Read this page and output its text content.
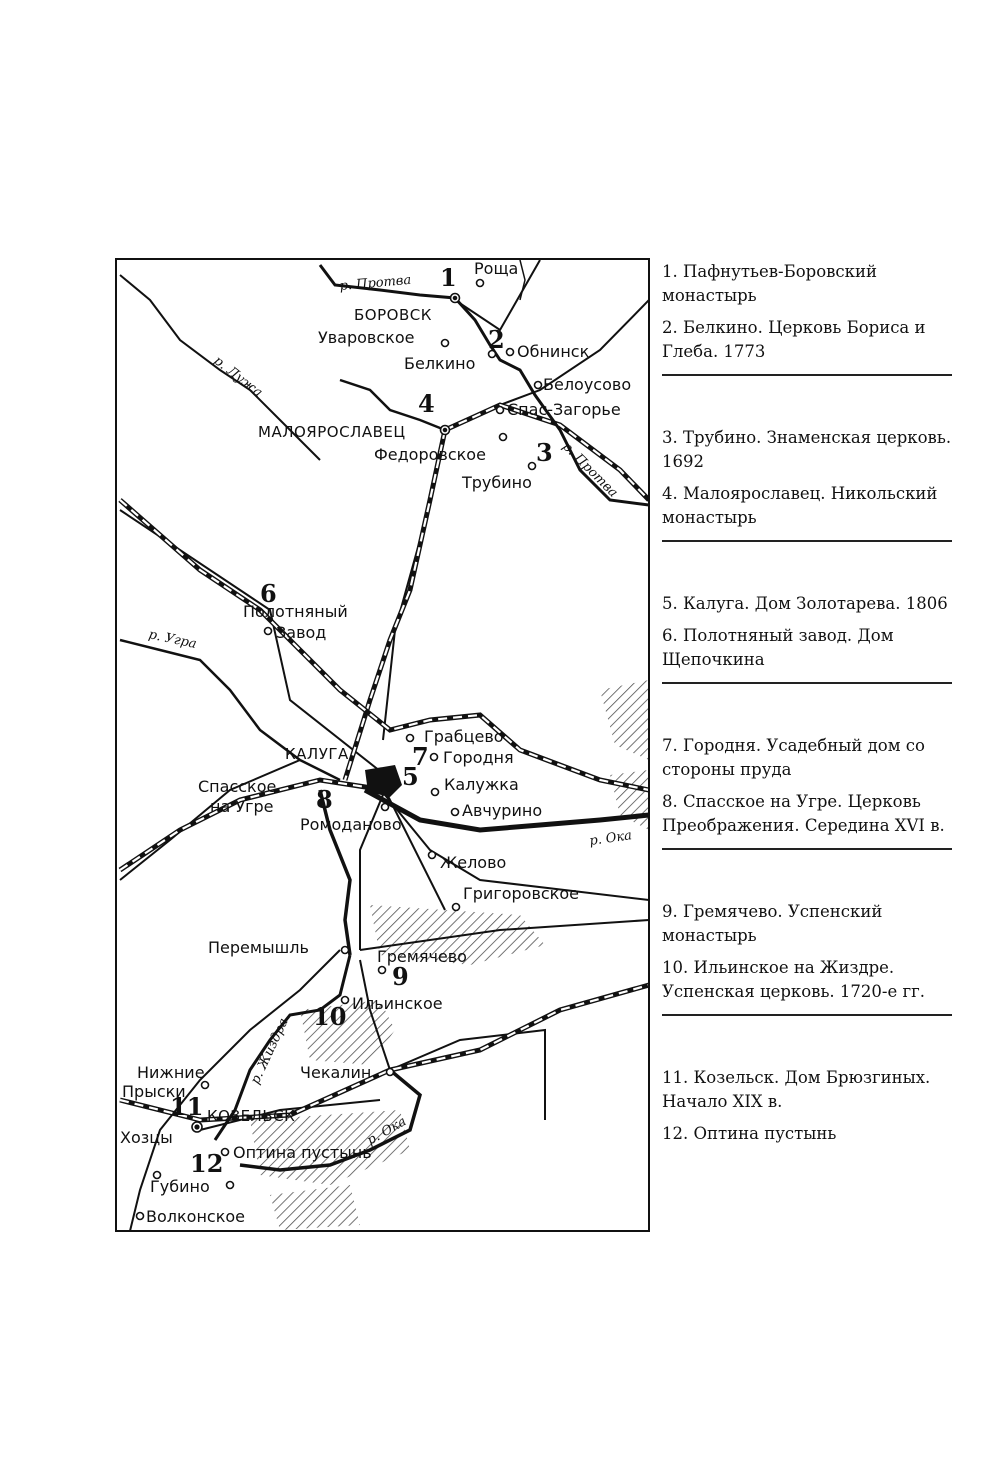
Роща
БОРОВСК
Уваровское
Белкино
Обнинск
Белоусово
МАЛОЯРОСЛАВЕЦ
Спас-Загорье
Федоровское
Трубино
Полотняный
Завод
КАЛУГА
Грабцево
Городня
Калужка
Авчурино
Спасское
на Угре
Ромоданово
Желово
Григоровское
Перемышль	Гремячево
Ильинское
Чекалин
Нижние
Прыски
КОЗЕЛЬСК
Хозцы
Оптина пустынь
Губино
Волконское
р. Протва
р. Протва
р. Лужа
р. Угра
р. Ока
р. Жиздра
р. Ока
1
2
3
4
5
6
7
8
9
10
11
12

1. Пафнутьев-Боровский монастырь

2. Белкино. Церковь Бориса и Глеба. 1773

3. Трубино. Знаменская церковь. 1692

4. Малоярославец. Никольский монастырь

5. Калуга. Дом Золотарева. 1806

6. Полотняный завод. Дом Щепочкина

7. Городня. Усадебный дом со стороны пруда

8. Спасское на Угре. Церковь Преображения. Середина XVI в.

9. Гремячево. Успенский монастырь

10. Ильинское на Жиздре. Успенская церковь. 1720-е гг.

11. Козельск. Дом Брюзгиных. Начало XIX в.

12. Оптина пустынь
